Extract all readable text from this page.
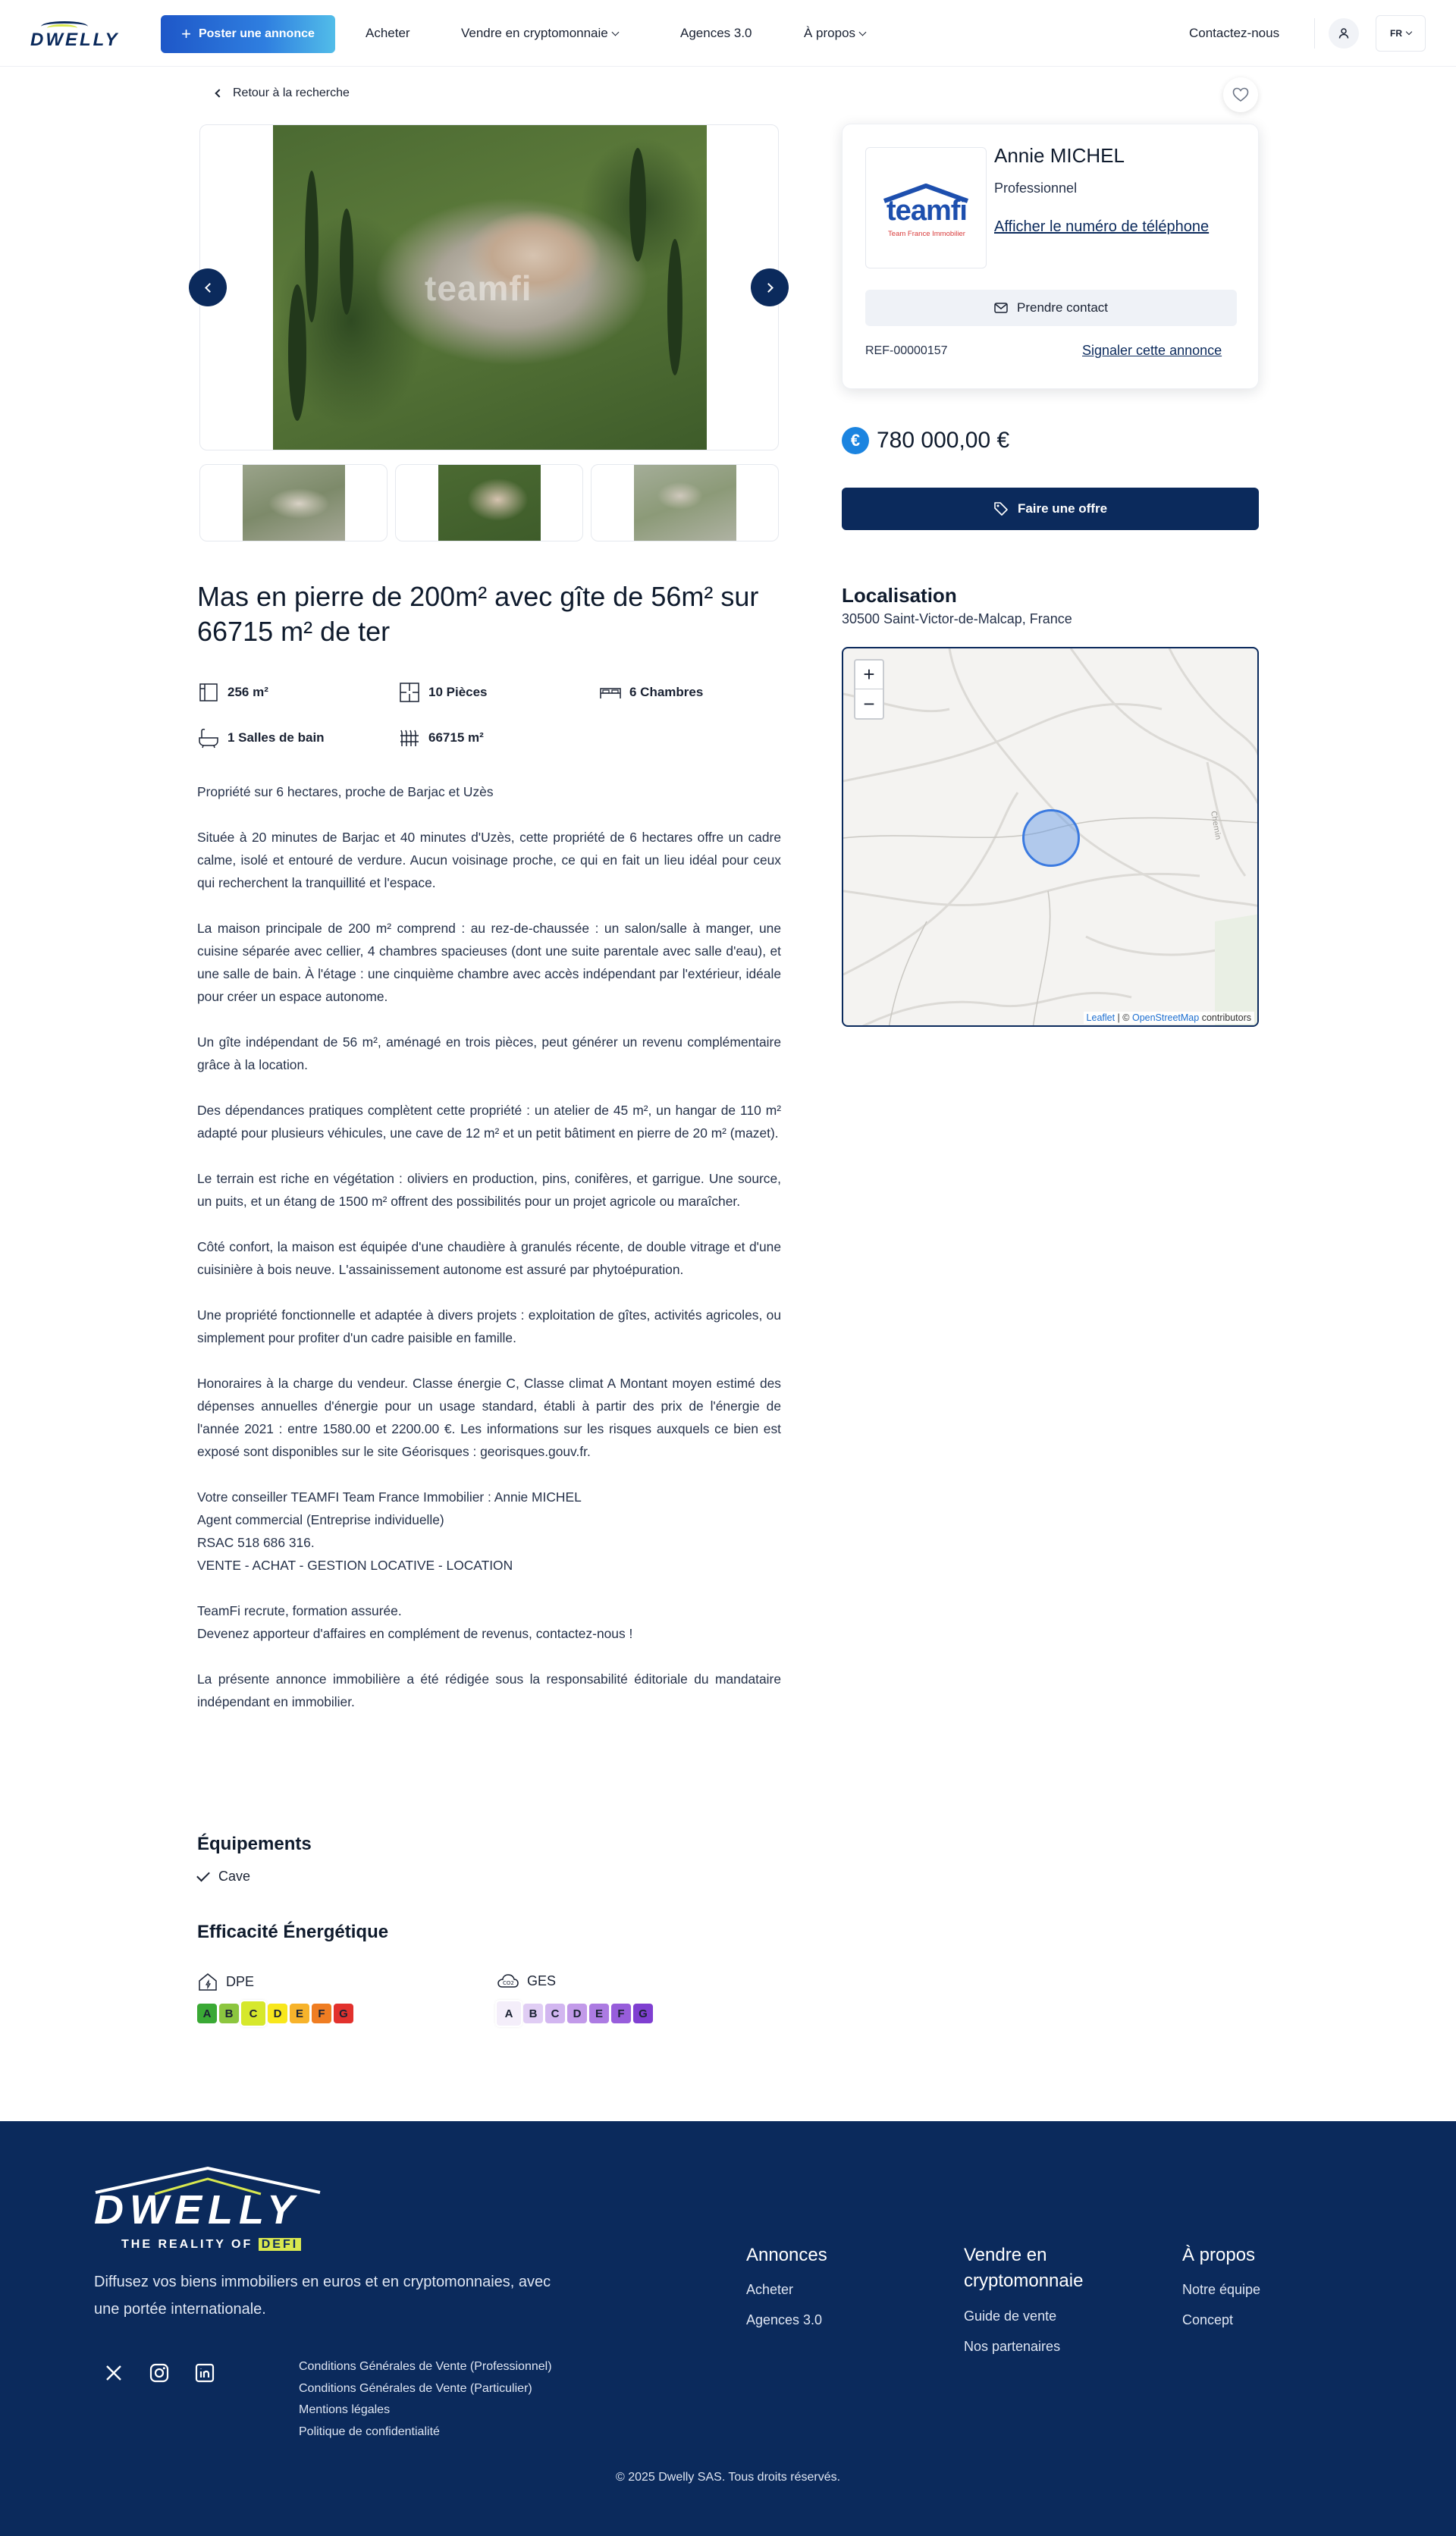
DWELLY	+ Poster une annonce	Acheter	Vendre en cryptomonnaie	Agences 3.0	À propos	Contactez-nous	FR
Retour à la recherche
teamfi
Mas en pierre de 200m² avec gîte de 56m² sur 66715 m² de ter
256 m²	10 Pièces	6 Chambres
1 Salles de bain	66715 m²

Propriété sur 6 hectares, proche de Barjac et Uzès

Située à 20 minutes de Barjac et 40 minutes d'Uzès, cette propriété de 6 hectares offre un cadre calme, isolé et entouré de verdure. Aucun voisinage proche, ce qui en fait un lieu idéal pour ceux qui recherchent la tranquillité et l'espace.

La maison principale de 200 m² comprend : au rez-de-chaussée : un salon/salle à manger, une cuisine séparée avec cellier, 4 chambres spacieuses (dont une suite parentale avec salle d'eau), et une salle de bain. À l'étage : une cinquième chambre avec accès indépendant par l'extérieur, idéale pour créer un espace autonome.

Un gîte indépendant de 56 m², aménagé en trois pièces, peut générer un revenu complémentaire grâce à la location.

Des dépendances pratiques complètent cette propriété : un atelier de 45 m², un hangar de 110 m² adapté pour plusieurs véhicules, une cave de 12 m² et un petit bâtiment en pierre de 20 m² (mazet).

Le terrain est riche en végétation : oliviers en production, pins, conifères, et garrigue. Une source, un puits, et un étang de 1500 m² offrent des possibilités pour un projet agricole ou maraîcher.

Côté confort, la maison est équipée d'une chaudière à granulés récente, de double vitrage et d'une cuisinière à bois neuve. L'assainissement autonome est assuré par phytoépuration.

Une propriété fonctionnelle et adaptée à divers projets : exploitation de gîtes, activités agricoles, ou simplement pour profiter d'un cadre paisible en famille.

Honoraires à la charge du vendeur. Classe énergie C, Classe climat A Montant moyen estimé des dépenses annuelles d'énergie pour un usage standard, établi à partir des prix de l'énergie de l'année 2021 : entre 1580.00 et 2200.00 €. Les informations sur les risques auxquels ce bien est exposé sont disponibles sur le site Géorisques : georisques.gouv.fr.

Votre conseiller TEAMFI Team France Immobilier : Annie MICHEL
Agent commercial (Entreprise individuelle)
RSAC 518 686 316.
VENTE - ACHAT - GESTION LOCATIVE - LOCATION

TeamFi recrute, formation assurée.
Devenez apporteur d'affaires en complément de revenus, contactez-nous !

La présente annonce immobilière a été rédigée sous la responsabilité éditoriale du mandataire indépendant en immobilier.

Équipements
Cave
Efficacité Énergétique
DPE
A	B	C	D	E	F	G
CO2 GES
A	B	C	D	E	F	G
teamfi
Team France Immobilier
Annie MICHEL
Professionnel
Afficher le numéro de téléphone
Prendre contact
REF-00000157	Signaler cette annonce
€ 780 000,00 €
Faire une offre
Localisation
30500 Saint-Victor-de-Malcap, France
Chemin
+
−
Leaflet | © OpenStreetMap contributors
DWELLY
THE REALITY OF DEFI

Diffusez vos biens immobiliers en euros et en cryptomonnaies, avec une portée internationale.

Conditions Générales de Vente (Professionnel)
Conditions Générales de Vente (Particulier)
Mentions légales
Politique de confidentialité
Annonces
Acheter
Agences 3.0
Vendre en cryptomonnaie
Guide de vente
Nos partenaires
À propos
Notre équipe
Concept
© 2025 Dwelly SAS. Tous droits réservés.
